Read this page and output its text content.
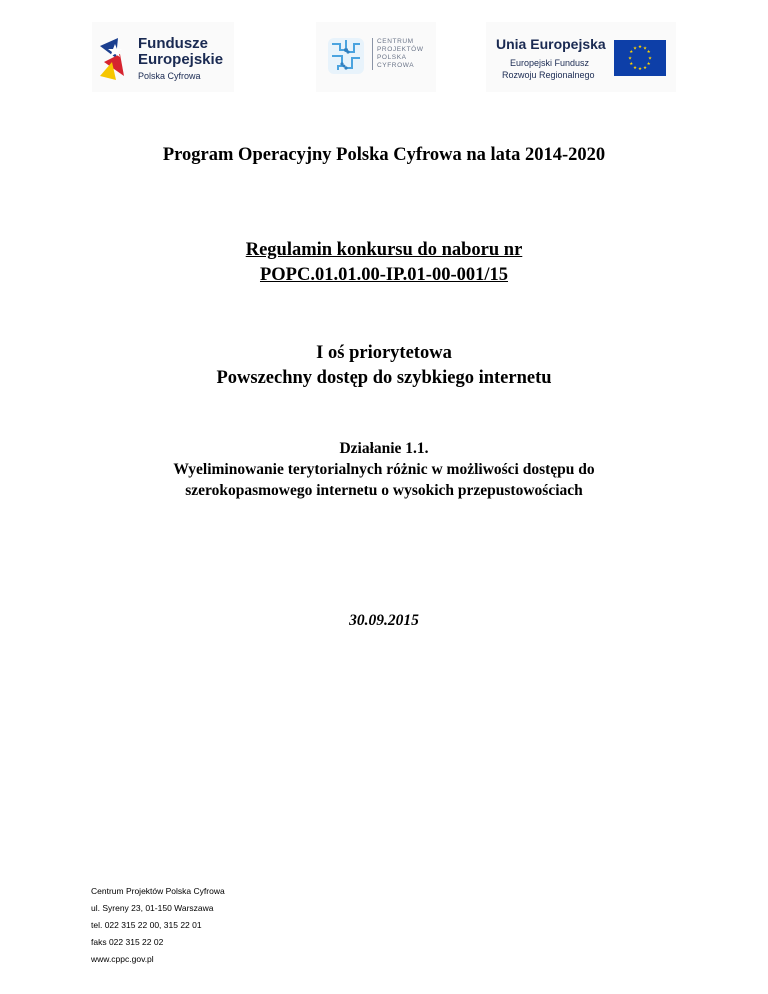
Fundusze
Europejskie
Polska Cyfrowa
CENTRUM
PROJEKTÓW
POLSKA
CYFROWA
Unia Europejska
Europejski Fundusz
Rozwoju Regionalnego
★ ★
★
★
★
★
★
★
★
★
★
★
Program Operacyjny Polska Cyfrowa na lata 2014-2020
Regulamin konkursu do naboru nr
POPC.01.01.00-IP.01-00-001/15
I oś priorytetowa
Powszechny dostęp do szybkiego internetu
Działanie 1.1.
Wyeliminowanie terytorialnych różnic w możliwości dostępu do
szerokopasmowego internetu o wysokich przepustowościach
30.09.2015
Centrum Projektów Polska Cyfrowa
ul. Syreny 23, 01-150 Warszawa
tel. 022 315 22 00, 315 22 01
faks 022 315 22 02
www.cppc.gov.pl
